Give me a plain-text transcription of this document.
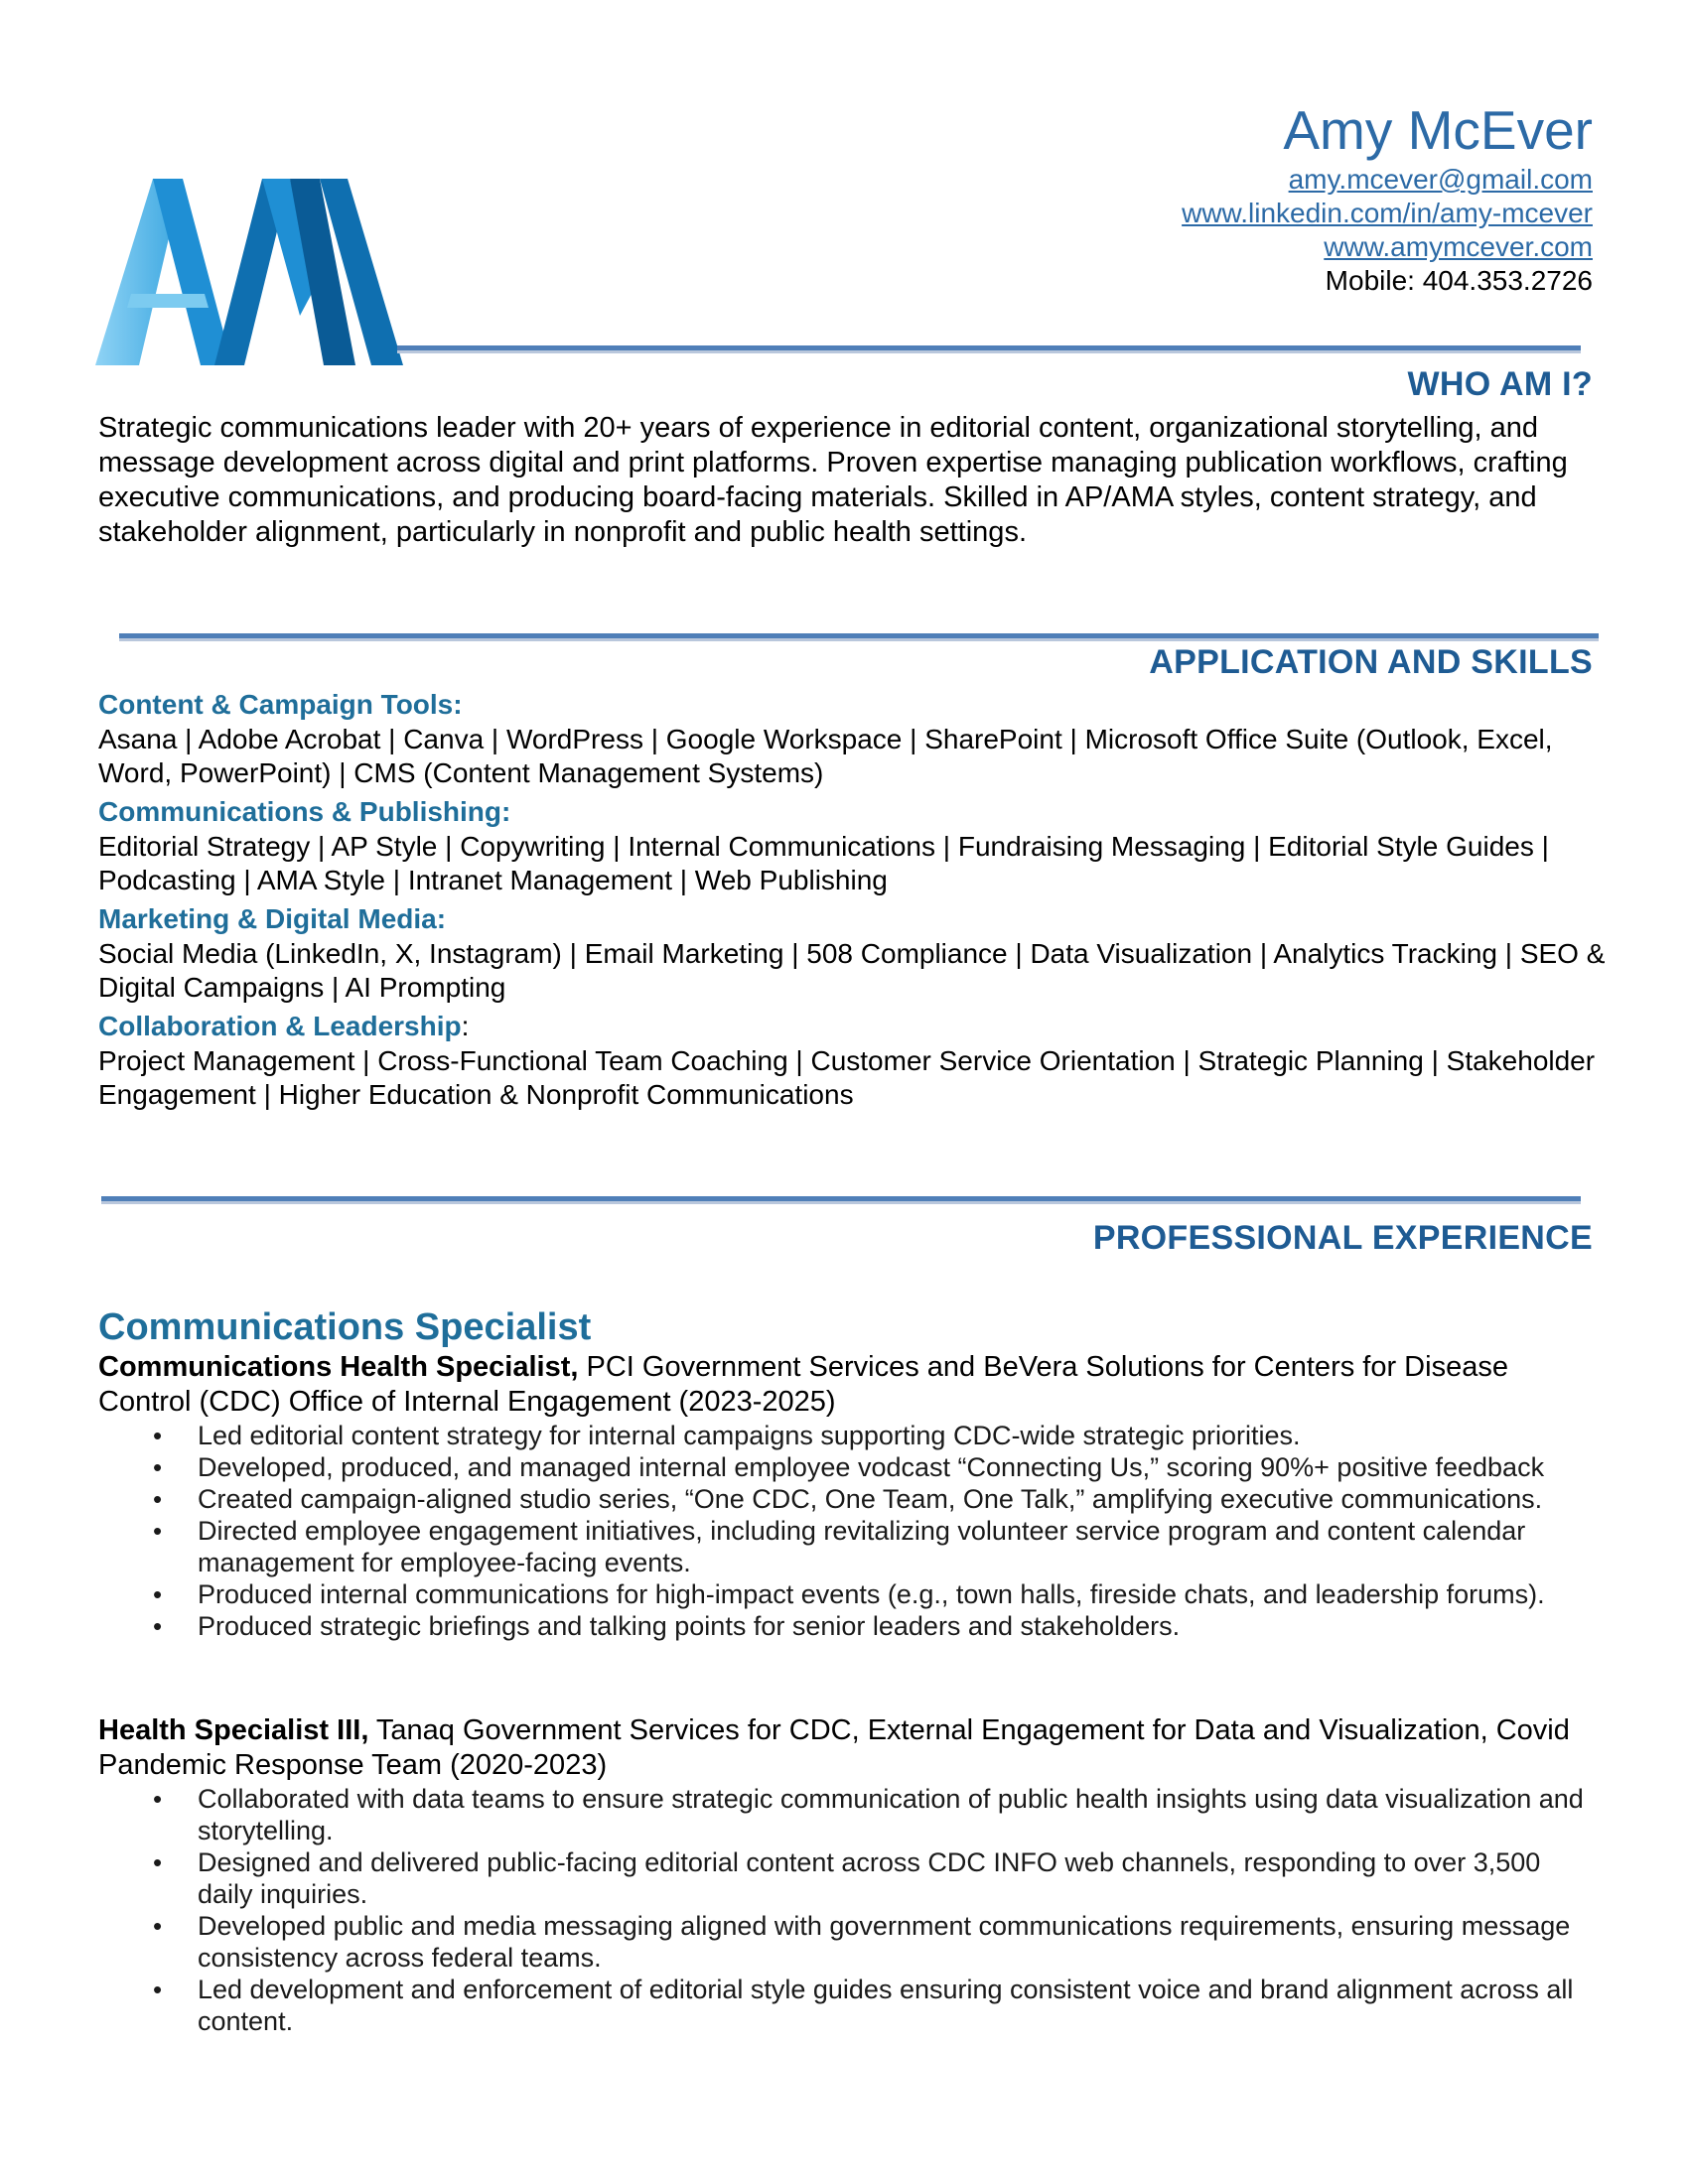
Amy McEver
amy.mcever@gmail.com
www.linkedin.com/in/amy-mcever
www.amymcever.com
Mobile: 404.353.2726
WHO AM I?

Strategic communications leader with 20+ years of experience in editorial content, organizational storytelling, and message development across digital and print platforms. Proven expertise managing publication workflows, crafting executive communications, and producing board-facing materials. Skilled in AP/AMA styles, content strategy, and stakeholder alignment, particularly in nonprofit and public health settings.

APPLICATION AND SKILLS

Content & Campaign Tools:

Asana | Adobe Acrobat | Canva | WordPress | Google Workspace | SharePoint | Microsoft Office Suite (Outlook, Excel, Word, PowerPoint) | CMS (Content Management Systems)

Communications & Publishing:

Editorial Strategy | AP Style | Copywriting | Internal Communications | Fundraising Messaging | Editorial Style Guides | Podcasting | AMA Style | Intranet Management | Web Publishing

Marketing & Digital Media:

Social Media (LinkedIn, X, Instagram) | Email Marketing | 508 Compliance | Data Visualization | Analytics Tracking | SEO & Digital Campaigns | AI Prompting

Collaboration & Leadership:

Project Management | Cross-Functional Team Coaching | Customer Service Orientation | Strategic Planning | Stakeholder Engagement | Higher Education & Nonprofit Communications

PROFESSIONAL EXPERIENCE
Communications Specialist

Communications Health Specialist, PCI Government Services and BeVera Solutions for Centers for Disease Control (CDC) Office of Internal Engagement (2023-2025)

• Led editorial content strategy for internal campaigns supporting CDC-wide strategic priorities.
• Developed, produced, and managed internal employee vodcast “Connecting Us,” scoring 90%+ positive feedback
• Created campaign-aligned studio series, “One CDC, One Team, One Talk,” amplifying executive communications.
• Directed employee engagement initiatives, including revitalizing volunteer service program and content calendar management for employee-facing events.
• Produced internal communications for high-impact events (e.g., town halls, fireside chats, and leadership forums).
• Produced strategic briefings and talking points for senior leaders and stakeholders.

Health Specialist III, Tanaq Government Services for CDC, External Engagement for Data and Visualization, Covid Pandemic Response Team (2020-2023)

• Collaborated with data teams to ensure strategic communication of public health insights using data visualization and storytelling.
• Designed and delivered public-facing editorial content across CDC INFO web channels, responding to over 3,500 daily inquiries.
• Developed public and media messaging aligned with government communications requirements, ensuring message consistency across federal teams.
• Led development and enforcement of editorial style guides ensuring consistent voice and brand alignment across all content.
